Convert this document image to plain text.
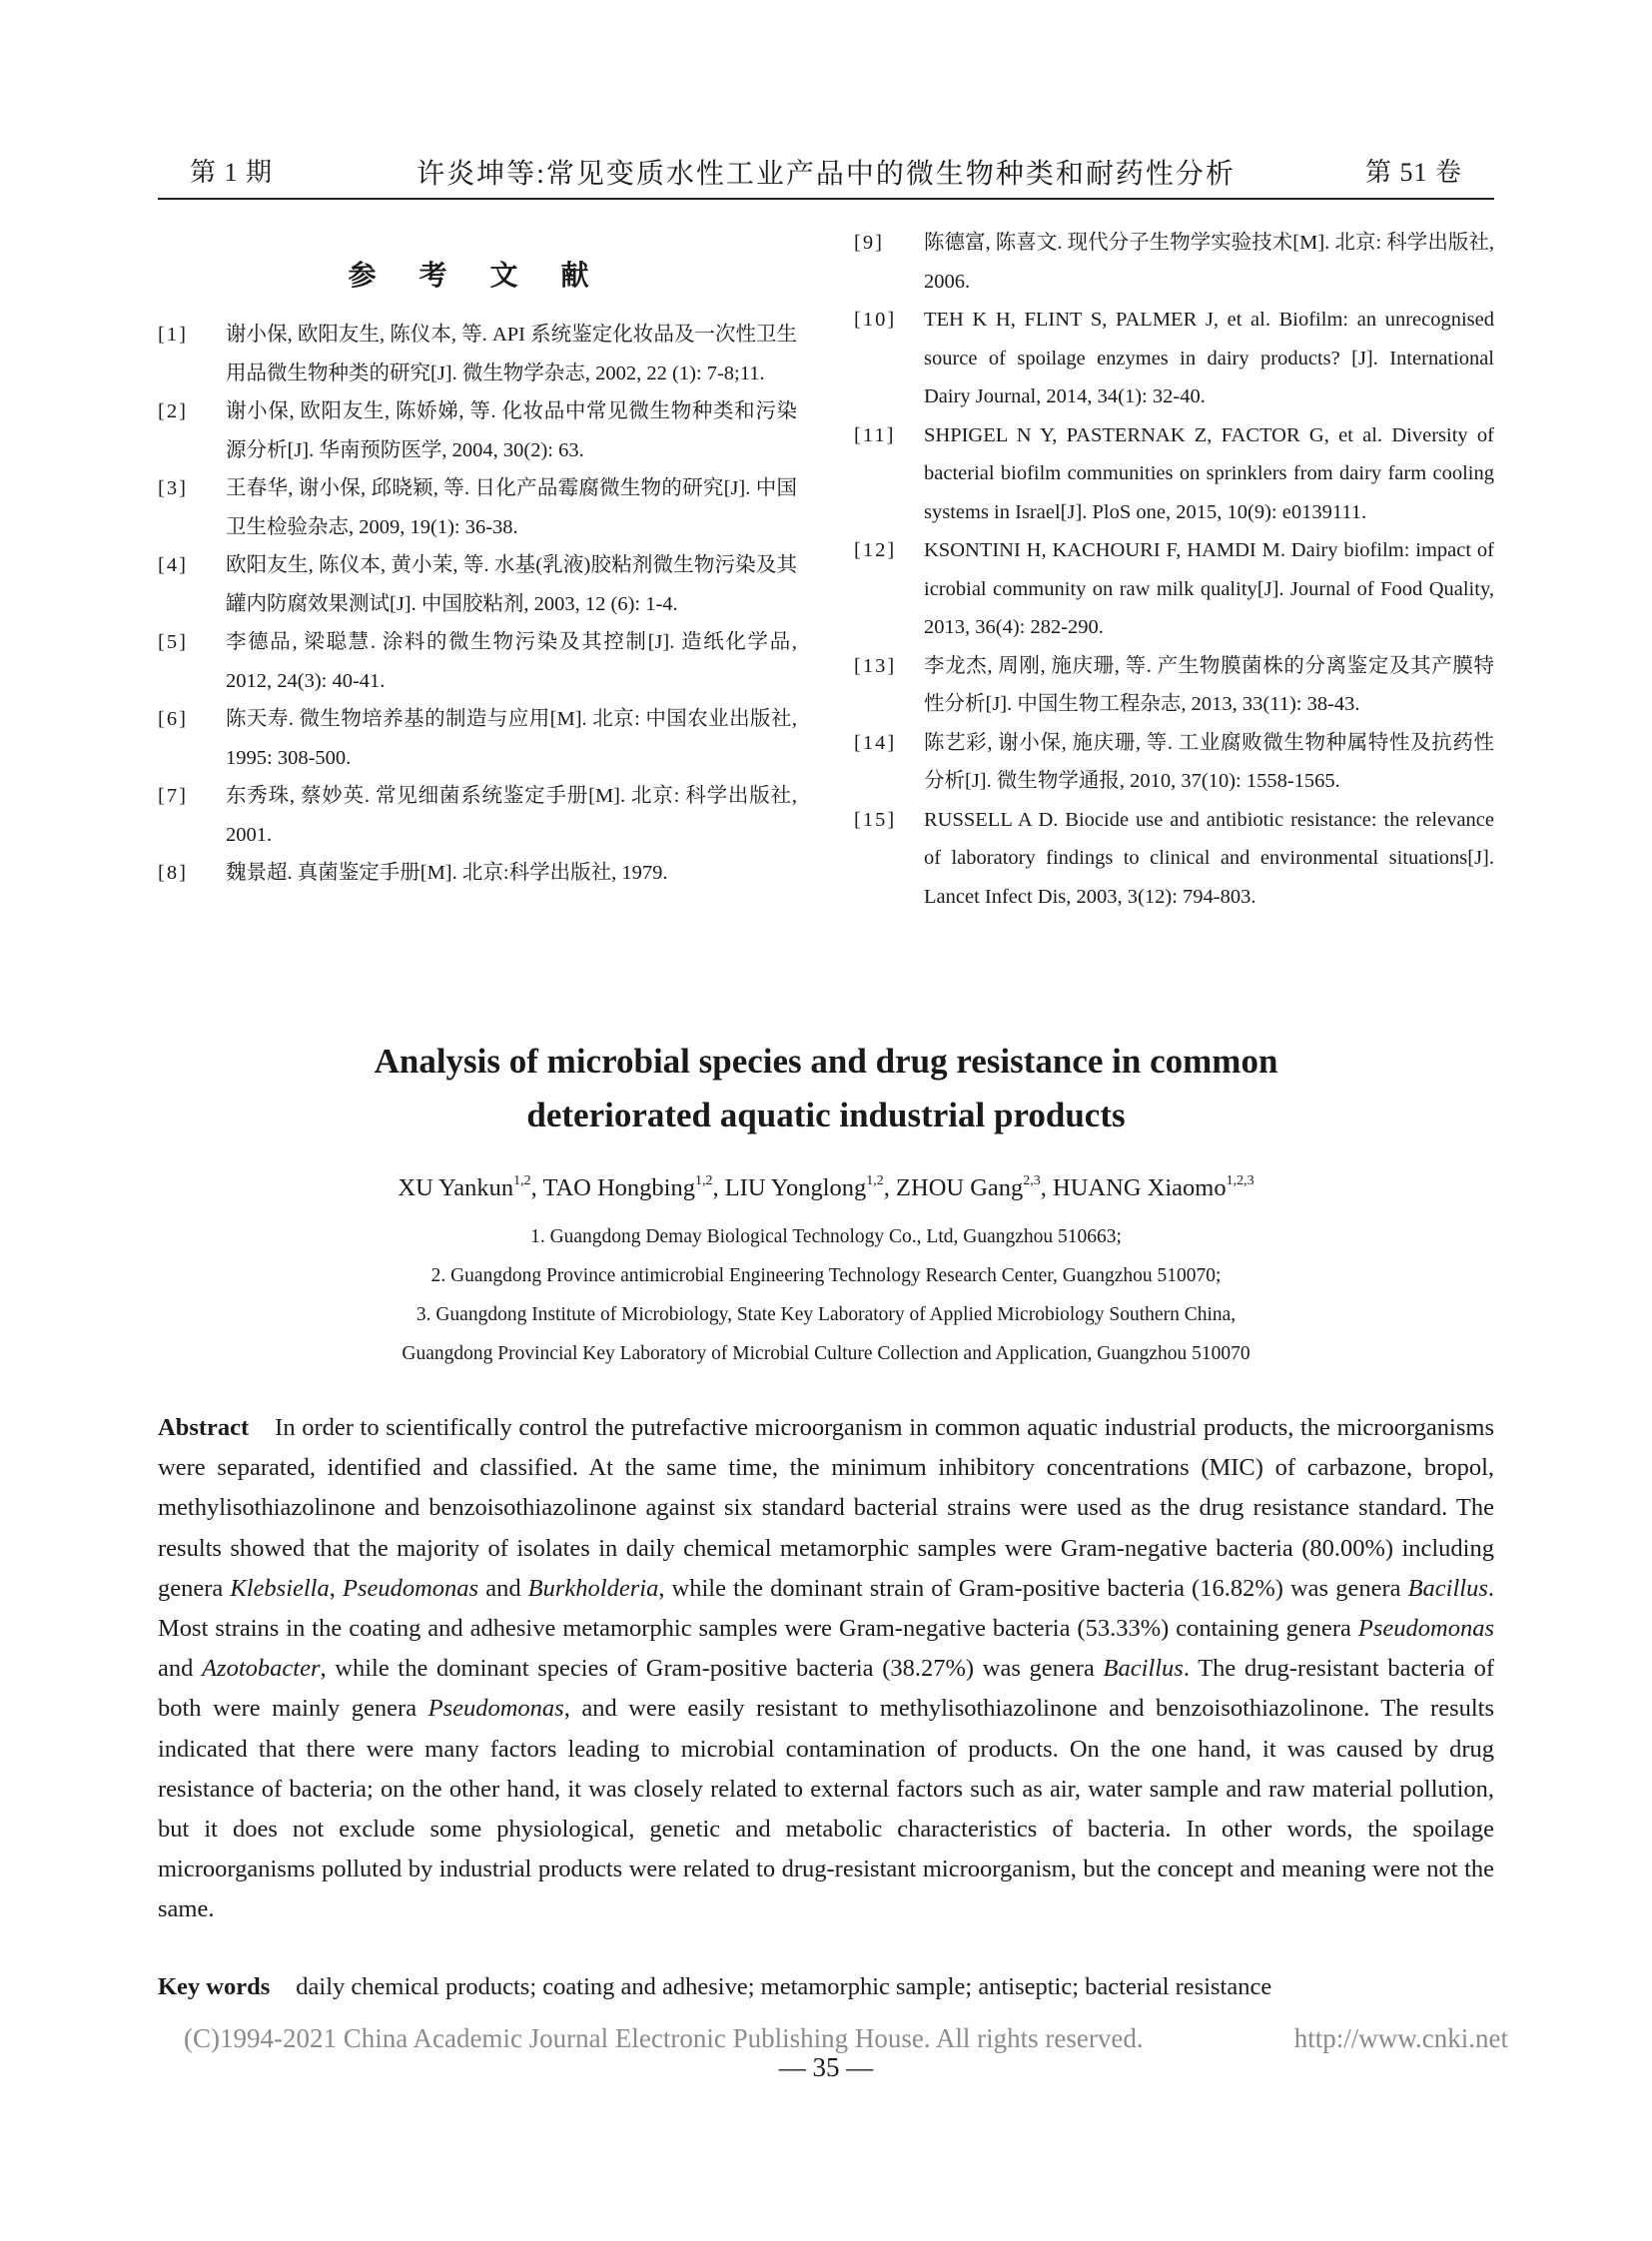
第 1 期	许炎坤等:常见变质水性工业产品中的微生物种类和耐药性分析	第 51 卷
参 考 文 献
[1]	谢小保, 欧阳友生, 陈仪本, 等. API 系统鉴定化妆品及一次性卫生用品微生物种类的研究[J]. 微生物学杂志, 2002, 22 (1): 7-8;11.
[2]	谢小保, 欧阳友生, 陈娇娣, 等. 化妆品中常见微生物种类和污染源分析[J]. 华南预防医学, 2004, 30(2): 63.
[3]	王春华, 谢小保, 邱晓颖, 等. 日化产品霉腐微生物的研究[J]. 中国卫生检验杂志, 2009, 19(1): 36-38.
[4]	欧阳友生, 陈仪本, 黄小茉, 等. 水基(乳液)胶粘剂微生物污染及其罐内防腐效果测试[J]. 中国胶粘剂, 2003, 12 (6): 1-4.
[5]	李德品, 梁聪慧. 涂料的微生物污染及其控制[J]. 造纸化学品, 2012, 24(3): 40-41.
[6]	陈天寿. 微生物培养基的制造与应用[M]. 北京: 中国农业出版社, 1995: 308-500.
[7]	东秀珠, 蔡妙英. 常见细菌系统鉴定手册[M]. 北京: 科学出版社, 2001.
[8]	魏景超. 真菌鉴定手册[M]. 北京:科学出版社, 1979.
[9]	陈德富, 陈喜文. 现代分子生物学实验技术[M]. 北京: 科学出版社, 2006.
[10]	TEH K H, FLINT S, PALMER J, et al. Biofilm: an unrecognised source of spoilage enzymes in dairy products? [J]. International Dairy Journal, 2014, 34(1): 32-40.
[11]	SHPIGEL N Y, PASTERNAK Z, FACTOR G, et al. Diversity of bacterial biofilm communities on sprinklers from dairy farm cooling systems in Israel[J]. PloS one, 2015, 10(9): e0139111.
[12]	KSONTINI H, KACHOURI F, HAMDI M. Dairy biofilm: impact of icrobial community on raw milk quality[J]. Journal of Food Quality, 2013, 36(4): 282-290.
[13]	李龙杰, 周刚, 施庆珊, 等. 产生物膜菌株的分离鉴定及其产膜特性分析[J]. 中国生物工程杂志, 2013, 33(11): 38-43.
[14]	陈艺彩, 谢小保, 施庆珊, 等. 工业腐败微生物种属特性及抗药性分析[J]. 微生物学通报, 2010, 37(10): 1558-1565.
[15]	RUSSELL A D. Biocide use and antibiotic resistance: the relevance of laboratory findings to clinical and environmental situations[J]. Lancet Infect Dis, 2003, 3(12): 794-803.
Analysis of microbial species and drug resistance in common
deteriorated aquatic industrial products
XU Yankun$^{1,2}$, TAO Hongbing$^{1,2}$, LIU Yonglong$^{1,2}$, ZHOU Gang$^{2,3}$, HUANG Xiaomo$^{1,2,3}$
1. Guangdong Demay Biological Technology Co., Ltd, Guangzhou 510663;
2. Guangdong Province antimicrobial Engineering Technology Research Center, Guangzhou 510070;
3. Guangdong Institute of Microbiology, State Key Laboratory of Applied Microbiology Southern China,
Guangdong Provincial Key Laboratory of Microbial Culture Collection and Application, Guangzhou 510070
Abstract In order to scientifically control the putrefactive microorganism in common aquatic industrial products, the microorganisms were separated, identified and classified. At the same time, the minimum inhibitory concentrations (MIC) of carbazone, bropol, methylisothiazolinone and benzoisothiazolinone against six standard bacterial strains were used as the drug resistance standard. The results showed that the majority of isolates in daily chemical metamorphic samples were Gram-negative bacteria (80.00%) including genera Klebsiella, Pseudomonas and Burkholderia, while the dominant strain of Gram-positive bacteria (16.82%) was genera Bacillus. Most strains in the coating and adhesive metamorphic samples were Gram-negative bacteria (53.33%) containing genera Pseudomonas and Azotobacter, while the dominant species of Gram-positive bacteria (38.27%) was genera Bacillus. The drug-resistant bacteria of both were mainly genera Pseudomonas, and were easily resistant to methylisothiazolinone and benzoisothiazolinone. The results indicated that there were many factors leading to microbial contamination of products. On the one hand, it was caused by drug resistance of bacteria; on the other hand, it was closely related to external factors such as air, water sample and raw material pollution, but it does not exclude some physiological, genetic and metabolic characteristics of bacteria. In other words, the spoilage microorganisms polluted by industrial products were related to drug-resistant microorganism, but the concept and meaning were not the same.
Key words daily chemical products; coating and adhesive; metamorphic sample; antiseptic; bacterial resistance
(C)1994-2021 China Academic Journal Electronic Publishing House. All rights reserved.	http://www.cnki.net
— 35 —
